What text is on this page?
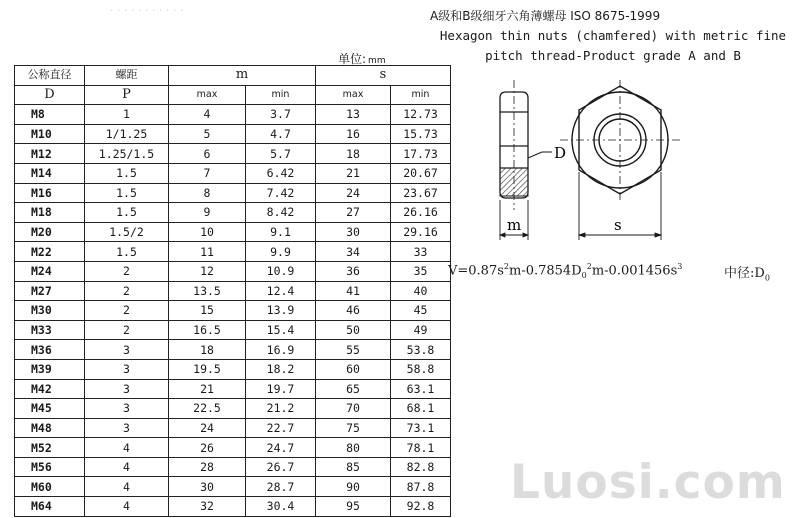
· · · · · · · · · · ·	A级和B级细牙六角薄螺母 ISO 8675-1999
Hexagon thin nuts (chamfered) with metric fine
pitch thread-Product grade A and B
单位: mm
公称直径	螺距	m		s	
D	P	max	min	max	min
M8	1	4	3.7	13	12.73
M10	1/1.25	5	4.7	16	15.73
M12	1.25/1.5	6	5.7	18	17.73
M14	1.5	7	6.42	21	20.67
M16	1.5	8	7.42	24	23.67
M18	1.5	9	8.42	27	26.16
M20	1.5/2	10	9.1	30	29.16
M22	1.5	11	9.9	34	33
M24	2	12	10.9	36	35
M27	2	13.5	12.4	41	40
M30	2	15	13.9	46	45
M33	2	16.5	15.4	50	49
M36	3	18	16.9	55	53.8
M39	3	19.5	18.2	60	58.8
M42	3	21	19.7	65	63.1
M45	3	22.5	21.2	70	68.1
M48	3	24	22.7	75	73.1
M52	4	26	24.7	80	78.1
M56	4	28	26.7	85	82.8
M60	4	30	28.7	90	87.8
M64	4	32	30.4	95	92.8
D
m	s
$V=0.87s^2m-0.7854D_0^2m-0.001456s^3$	中径$:D_0$
Luosi.com
